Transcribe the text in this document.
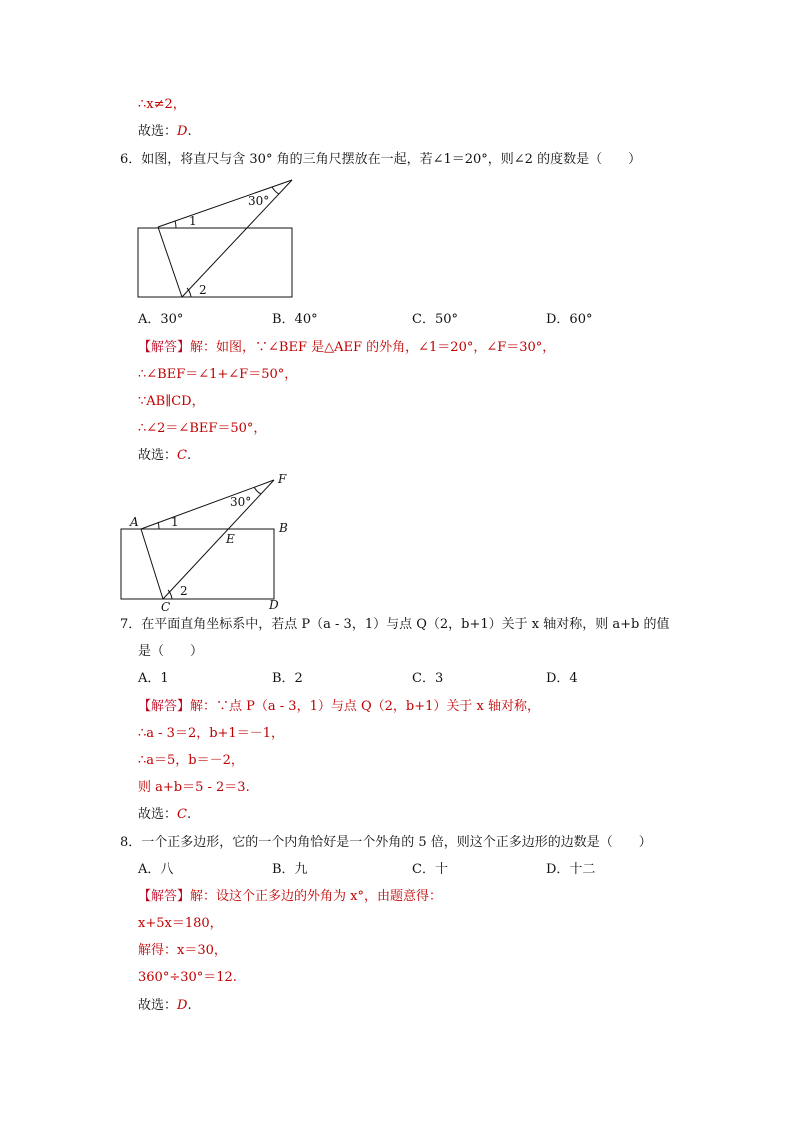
∴x≠2，
故选：D.
6．如图，将直尺与含 30° 角的三角尺摆放在一起，若∠1＝20°，则∠2 的度数是（　　）
30°
1
2
A．30°	B．40°	C．50°	D．60°
【解答】解：如图，∵∠BEF 是△AEF 的外角，∠1＝20°，∠F＝30°，
∴∠BEF＝∠1+∠F＝50°，
∵AB∥CD，
∴∠2＝∠BEF＝50°，
故选：C.
A	B
C	D
E
F
30°
1
2
7．在平面直角坐标系中，若点 P（a - 3，1）与点 Q（2，b+1）关于 x 轴对称，则 a+b 的值
是（　　）
A．1	B．2	C．3	D．4
【解答】解：∵点 P（a - 3，1）与点 Q（2，b+1）关于 x 轴对称，
∴a - 3＝2，b+1＝－1，
∴a＝5，b＝－2，
则 a+b＝5 - 2＝3.
故选：C.
8．一个正多边形，它的一个内角恰好是一个外角的 5 倍，则这个正多边形的边数是（　　）
A．八	B．九	C．十	D．十二
【解答】解：设这个正多边的外角为 x°，由题意得：
x+5x＝180，
解得：x＝30，
360°÷30°＝12.
故选：D.
